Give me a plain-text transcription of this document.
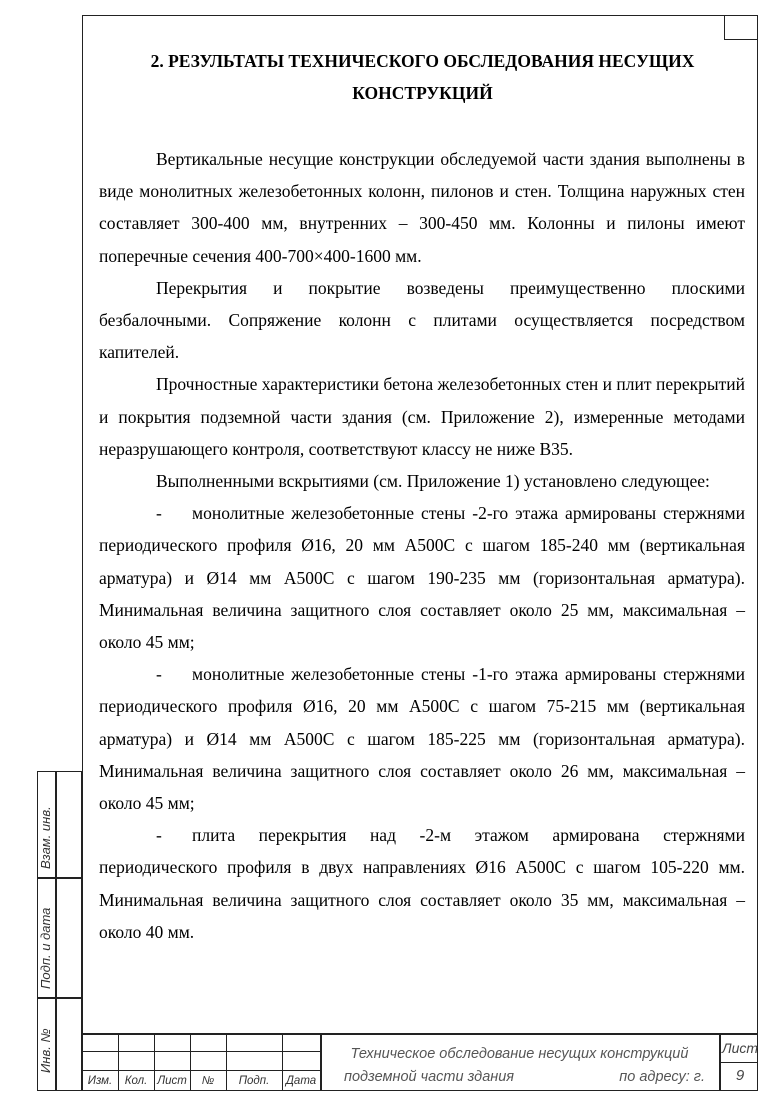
2. РЕЗУЛЬТАТЫ ТЕХНИЧЕСКОГО ОБСЛЕДОВАНИЯ НЕСУЩИХ
КОНСТРУКЦИЙ

Вертикальные несущие конструкции обследуемой части здания выполнены в виде монолитных железобетонных колонн, пилонов и стен. Толщина наружных стен составляет 300-400 мм, внутренних – 300-450 мм. Колонны и пилоны имеют поперечные сечения 400-700×400-1600 мм.

Перекрытия и покрытие возведены преимущественно плоскими безбалочными. Сопряжение колонн с плитами осуществляется посредством капителей.

Прочностные характеристики бетона железобетонных стен и плит перекрытий и покрытия подземной части здания (см. Приложение 2), измеренные методами неразрушающего контроля, соответствуют классу не ниже В35.

Выполненными вскрытиями (см. Приложение 1) установлено следующее:

- монолитные железобетонные стены -2-го этажа армированы стержнями периодического профиля Ø16, 20 мм А500С с шагом 185-240 мм (вертикальная арматура) и Ø14 мм А500С с шагом 190-235 мм (горизонтальная арматура). Минимальная величина защитного слоя составляет около 25 мм, максимальная – около 45 мм;

- монолитные железобетонные стены -1-го этажа армированы стержнями периодического профиля Ø16, 20 мм А500С с шагом 75-215 мм (вертикальная арматура) и Ø14 мм А500С с шагом 185-225 мм (горизонтальная арматура). Минимальная величина защитного слоя составляет около 26 мм, максимальная – около 45 мм;

- плита перекрытия над -2-м этажом армирована стержнями периодического профиля в двух направлениях Ø16 А500С с шагом 105-220 мм. Минимальная величина защитного слоя составляет около 35 мм, максимальная – около 40 мм.

Взам. инв.
Подп. и дата
Инв. №
Изм.	Кол. Лист	№	Подп.	Дата
Техническое обследование несущих конструкций
подземной части здания	по адресу: г.
Лист
9
